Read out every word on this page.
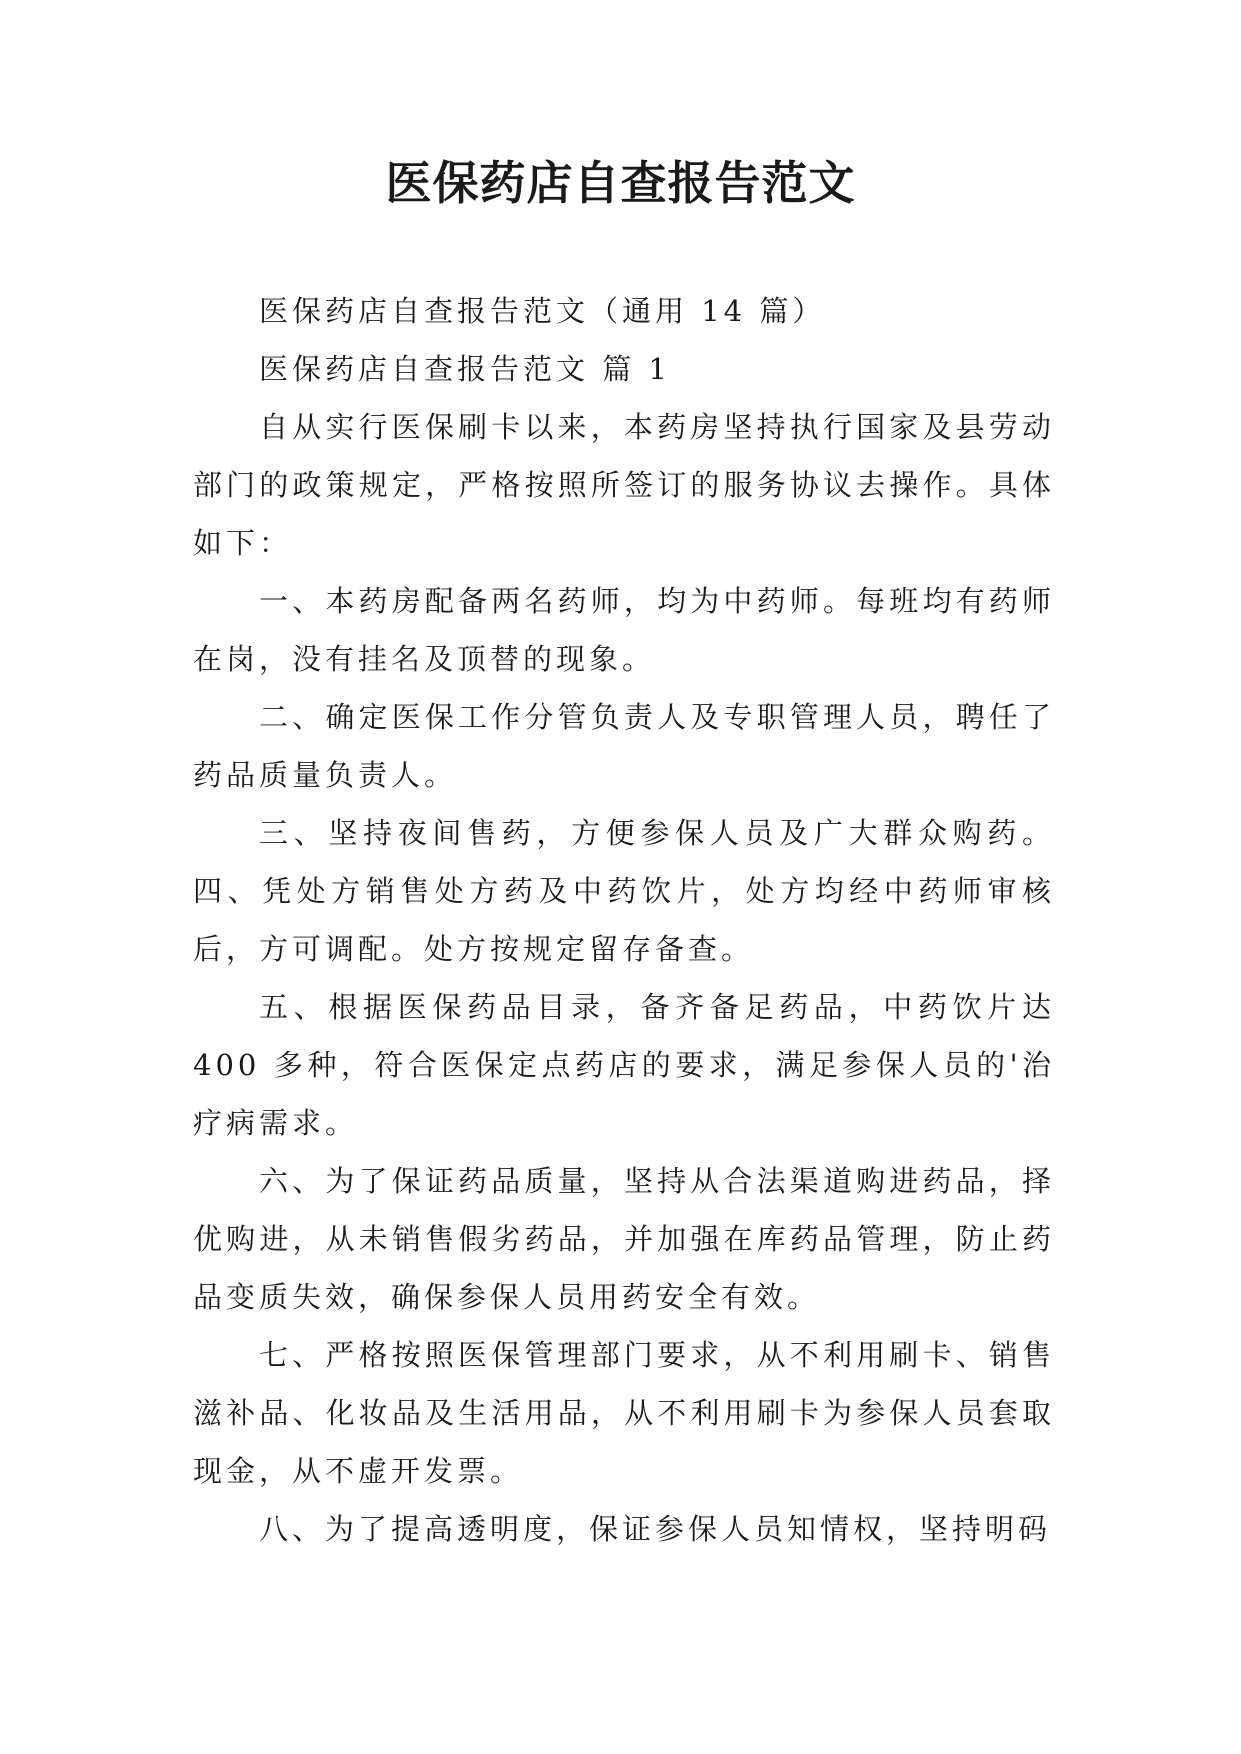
医保药店自查报告范文

医保药店自查报告范文（通用 14 篇）

医保药店自查报告范文 篇 1

自从实行医保刷卡以来，本药房坚持执行国家及县劳动部门的政策规定，严格按照所签订的服务协议去操作。具体如下：

一、本药房配备两名药师，均为中药师。每班均有药师在岗，没有挂名及顶替的现象。

二、确定医保工作分管负责人及专职管理人员，聘任了药品质量负责人。

三、坚持夜间售药，方便参保人员及广大群众购药。四、凭处方销售处方药及中药饮片，处方均经中药师审核后，方可调配。处方按规定留存备查。

五、根据医保药品目录，备齐备足药品，中药饮片达 400 多种，符合医保定点药店的要求，满足参保人员的'治疗病需求。

六、为了保证药品质量，坚持从合法渠道购进药品，择优购进，从未销售假劣药品，并加强在库药品管理，防止药品变质失效，确保参保人员用药安全有效。

七、严格按照医保管理部门要求，从不利用刷卡、销售滋补品、化妆品及生活用品，从不利用刷卡为参保人员套取现金，从不虚开发票。

八、为了提高透明度，保证参保人员知情权，坚持明码
